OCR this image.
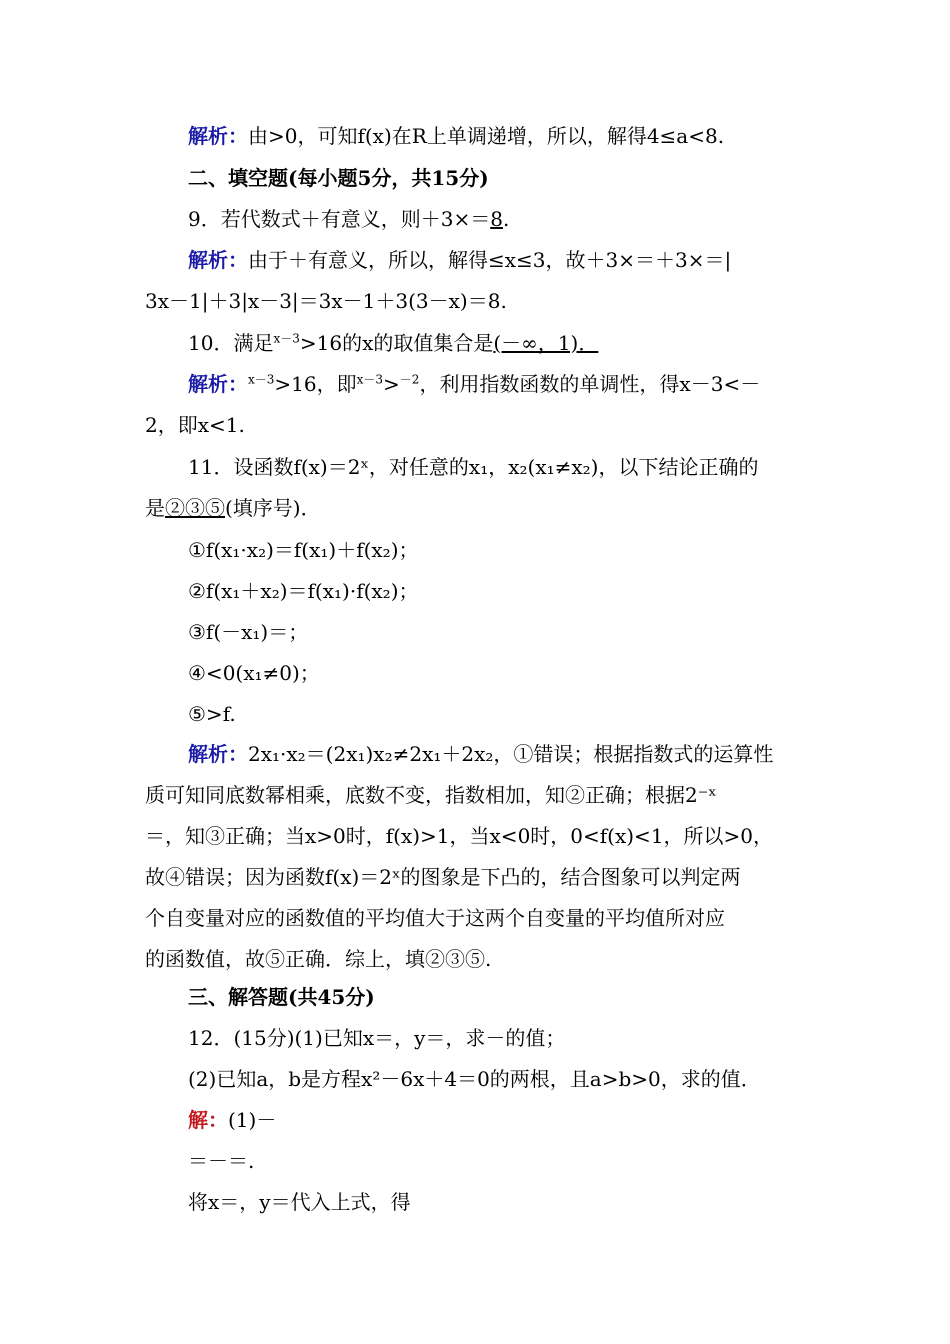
解析：由>0，可知f(x)在R上单调递增，所以，解得4≤a<8.
二、填空题(每小题5分，共15分)
9．若代数式＋有意义，则＋3×＝8.
解析：由于＋有意义，所以，解得≤x≤3，故＋3×＝＋3×＝|
3x－1|＋3|x－3|＝3x－1＋3(3－x)＝8.
10．满足$^{x-3}$>16的x的取值集合是(－∞，1)．
解析：$^{x-3}$>16，即$^{x-3}$>$^{-2}$，利用指数函数的单调性，得x－3<－
2，即x<1.
11．设函数f(x)＝2ˣ，对任意的x₁，x₂(x₁≠x₂)，以下结论正确的
是②③⑤(填序号)．
①f(x₁·x₂)＝f(x₁)＋f(x₂)；
②f(x₁＋x₂)＝f(x₁)·f(x₂)；
③f(－x₁)＝；
④<0(x₁≠0)；
⑤>f.
解析：2x₁·x₂＝(2x₁)x₂≠2x₁＋2x₂，①错误；根据指数式的运算性
质可知同底数幂相乘，底数不变，指数相加，知②正确；根据2⁻ˣ
＝，知③正确；当x>0时，f(x)>1，当x<0时，0<f(x)<1，所以>0，
故④错误；因为函数f(x)＝2ˣ的图象是下凸的，结合图象可以判定两
个自变量对应的函数值的平均值大于这两个自变量的平均值所对应
的函数值，故⑤正确．综上，填②③⑤.
三、解答题(共45分)
12．(15分)(1)已知x＝，y＝，求－的值；
(2)已知a，b是方程x²－6x＋4＝0的两根，且a>b>0，求的值．
解：(1)－
＝－＝.
将x＝，y＝代入上式，得
